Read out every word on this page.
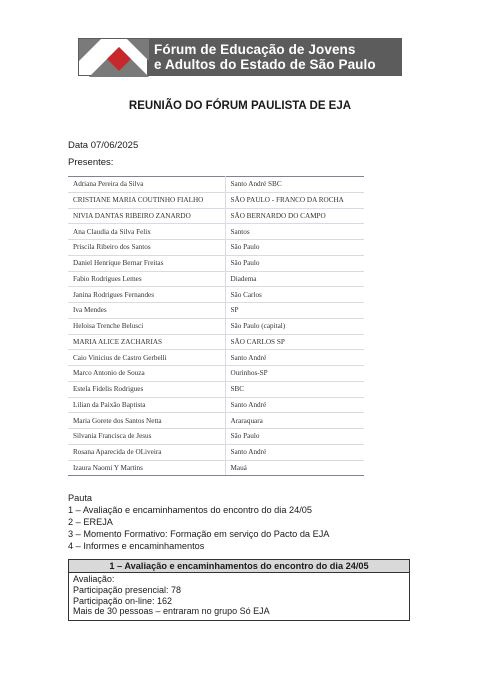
Fórum de Educação de Jovens
e Adultos do Estado de São Paulo
REUNIÃO DO FÓRUM PAULISTA DE EJA
Data 07/06/2025
Presentes:
Adriana Pereira da Silva	Santo André SBC
CRISTIANE MARIA COUTINHO FIALHO	SÃO PAULO - FRANCO DA ROCHA
NIVIA DANTAS RIBEIRO ZANARDO	SÃO BERNARDO DO CAMPO
Ana Claudia da Silva Felix	Santos
Priscila Ribeiro dos Santos	São Paulo
Daniel Henrique Bernar Freitas	São Paulo
Fabio Rodrigues Lemes	Diadema
Janina Rodrigues Fernandes	São Carlos
Iva Mendes	SP
Heloisa Trenche Belusci	São Paulo (capital)
MARIA ALICE ZACHARIAS	SÃO CARLOS SP
Caio Vinicius de Castro Gerbelli	Santo André
Marco Antonio de Souza	Ourinhos-SP
Estela Fidelis Rodrigues	SBC
Lilian da Paixão Baptista	Santo André
Maria Gorete dos Santos Netta	Araraquara
Silvania Francisca de Jesus	São Paulo
Rosana Aparecida de OLiveira	Santo André
Izaura Naomi Y Martins	Mauá
Pauta
1 – Avaliação e encaminhamentos do encontro do dia 24/05
2 – EREJA
3 – Momento Formativo: Formação em serviço do Pacto da EJA
4 – Informes e encaminhamentos
1 – Avaliação e encaminhamentos do encontro do dia 24/05
Avaliação:
Participação presencial: 78
Participação on-line: 162
Mais de 30 pessoas – entraram no grupo Só EJA
